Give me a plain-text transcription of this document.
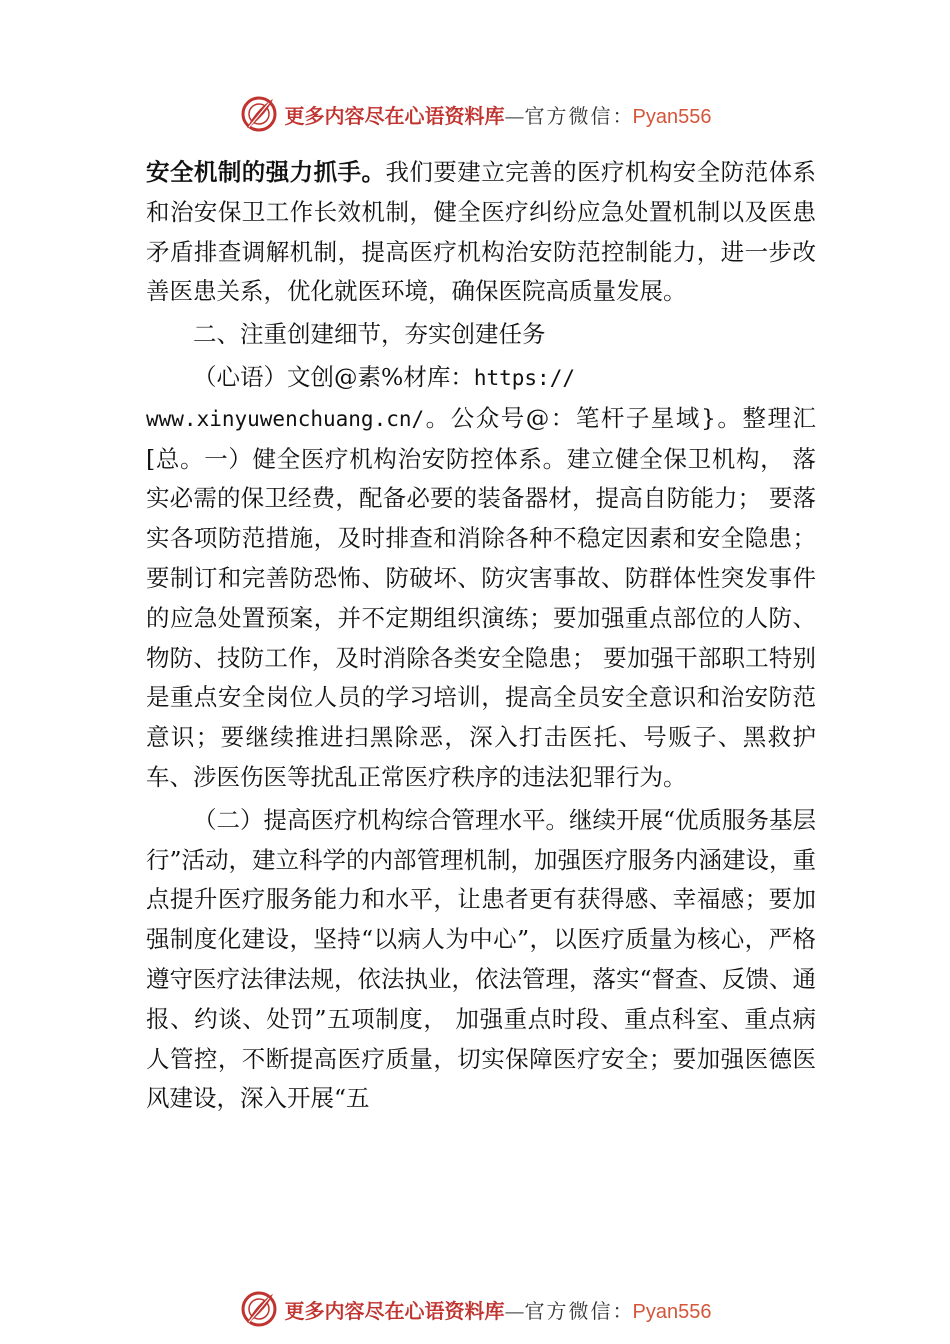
更多内容尽在心语资料库—官方微信：Pyan556

安全机制的强力抓手。我们要建立完善的医疗机构安全防范体系和治安保卫工作长效机制，健全医疗纠纷应急处置机制以及医患矛盾排查调解机制，提高医疗机构治安防范控制能力，进一步改善医患关系，优化就医环境，确保医院高质量发展。

二、注重创建细节，夯实创建任务

（心语）文创@素%材库：https://
www.xinyuwenchuang.cn/。公众号@：笔杆子星域}。整理汇[总。一）健全医疗机构治安防控体系。建立健全保卫机构， 落实必需的保卫经费，配备必要的装备器材，提高自防能力； 要落实各项防范措施，及时排查和消除各种不稳定因素和安全隐患；要制订和完善防恐怖、防破坏、防灾害事故、防群体性突发事件的应急处置预案，并不定期组织演练；要加强重点部位的人防、物防、技防工作，及时消除各类安全隐患； 要加强干部职工特别是重点安全岗位人员的学习培训，提高全员安全意识和治安防范意识；要继续推进扫黑除恶，深入打击医托、号贩子、黑救护车、涉医伤医等扰乱正常医疗秩序的违法犯罪行为。

（二）提高医疗机构综合管理水平。继续开展“优质服务基层行”活动，建立科学的内部管理机制，加强医疗服务内涵建设，重点提升医疗服务能力和水平，让患者更有获得感、幸福感；要加强制度化建设，坚持“以病人为中心”，以医疗质量为核心，严格遵守医疗法律法规，依法执业，依法管理，落实“督查、反馈、通报、约谈、处罚”五项制度， 加强重点时段、重点科室、重点病人管控，不断提高医疗质量，切实保障医疗安全；要加强医德医风建设，深入开展“五

更多内容尽在心语资料库—官方微信：Pyan556
